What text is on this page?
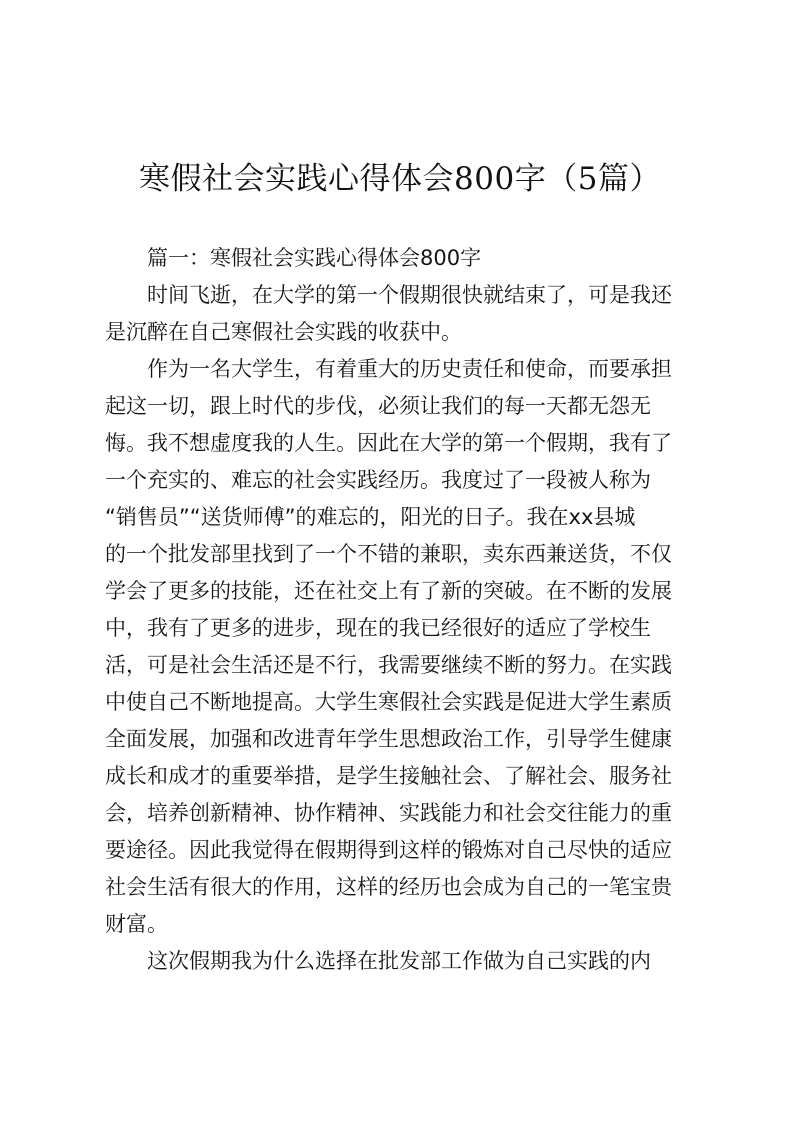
寒假社会实践心得体会800字（5篇）
篇一：寒假社会实践心得体会800字
时间飞逝，在大学的第一个假期很快就结束了，可是我还
是沉醉在自己寒假社会实践的收获中。
作为一名大学生，有着重大的历史责任和使命，而要承担
起这一切，跟上时代的步伐，必须让我们的每一天都无怨无
悔。我不想虚度我的人生。因此在大学的第一个假期，我有了
一个充实的、难忘的社会实践经历。我度过了一段被人称为
“销售员”“送货师傅”的难忘的，阳光的日子。我在xx县城
的一个批发部里找到了一个不错的兼职，卖东西兼送货，不仅
学会了更多的技能，还在社交上有了新的突破。在不断的发展
中，我有了更多的进步，现在的我已经很好的适应了学校生
活，可是社会生活还是不行，我需要继续不断的努力。在实践
中使自己不断地提高。大学生寒假社会实践是促进大学生素质
全面发展，加强和改进青年学生思想政治工作，引导学生健康
成长和成才的重要举措，是学生接触社会、了解社会、服务社
会，培养创新精神、协作精神、实践能力和社会交往能力的重
要途径。因此我觉得在假期得到这样的锻炼对自己尽快的适应
社会生活有很大的作用，这样的经历也会成为自己的一笔宝贵
财富。
这次假期我为什么选择在批发部工作做为自己实践的内
